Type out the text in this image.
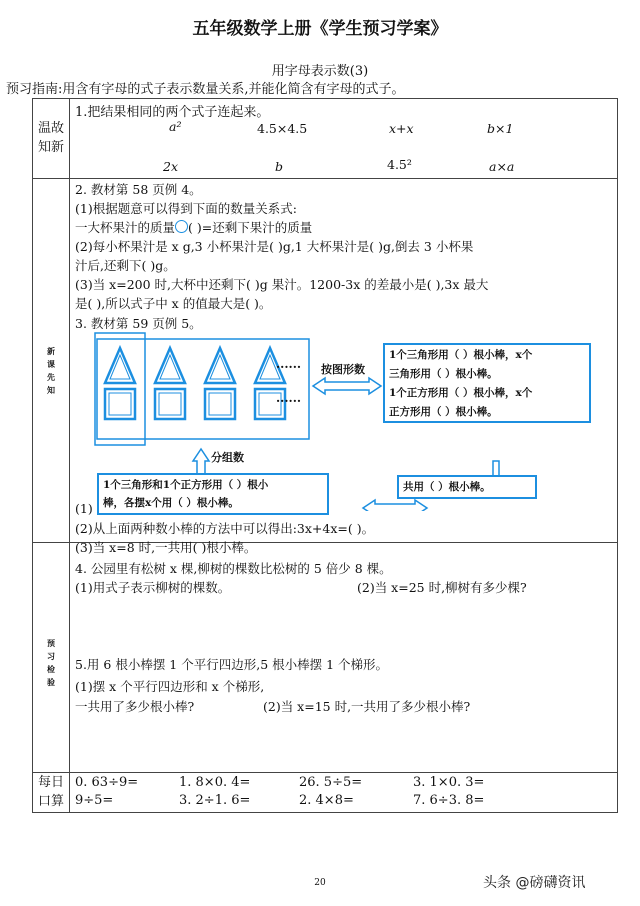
五年级数学上册《学生预习学案》
用字母表示数(3)
预习指南:用含有字母的式子表示数量关系,并能化简含有字母的式子。
温故
知新
1.把结果相同的两个式子连起来。
a²	4.5×4.5	x+x	b×1
2x	b	4.5²	a×a
新
课
先
知
2. 教材第 58 页例 4。
(1)根据题意可以得到下面的数量关系式:
一大杯果汁的质量 ( )=还剩下果汁的质量
(2)每小杯果汁是 x g,3 小杯果汁是( )g,1 大杯果汁是( )g,倒去 3 小杯果
汁后,还剩下( )g。
(3)当 x=200 时,大杯中还剩下( )g 果汁。1200-3x 的差最小是( ),3x 最大
是( ),所以式子中 x 的值最大是( )。
3. 教材第 59 页例 5。
......
......
按图形数
分组数
1个三角形用（ ）根小棒，x个
三角形用（ ）根小棒。
1个正方形用（ ）根小棒，x个
正方形用（ ）根小棒。
1个三角形和1个正方形用（ ）根小
棒，各摆x个用（ ）根小棒。
共用（ ）根小棒。
(1)
(2)从上面两种数小棒的方法中可以得出:3x+4x=( )。
(3)当 x=8 时,一共用( )根小棒。
预
习
检
验
4. 公园里有松树 x 棵,柳树的棵数比松树的 5 倍少 8 棵。
(1)用式子表示柳树的棵数。	(2)当 x=25 时,柳树有多少棵?
5.用 6 根小棒摆 1 个平行四边形,5 根小棒摆 1 个梯形。
(1)摆 x 个平行四边形和 x 个梯形,
一共用了多少根小棒?	(2)当 x=15 时,一共用了多少根小棒?
每日
口算
0. 63÷9=	1. 8×0. 4=	26. 5÷5=	3. 1×0. 3=
9÷5=	3. 2÷1. 6=	2. 4×8=	7. 6÷3. 8=
20	头条 @磅礴资讯
